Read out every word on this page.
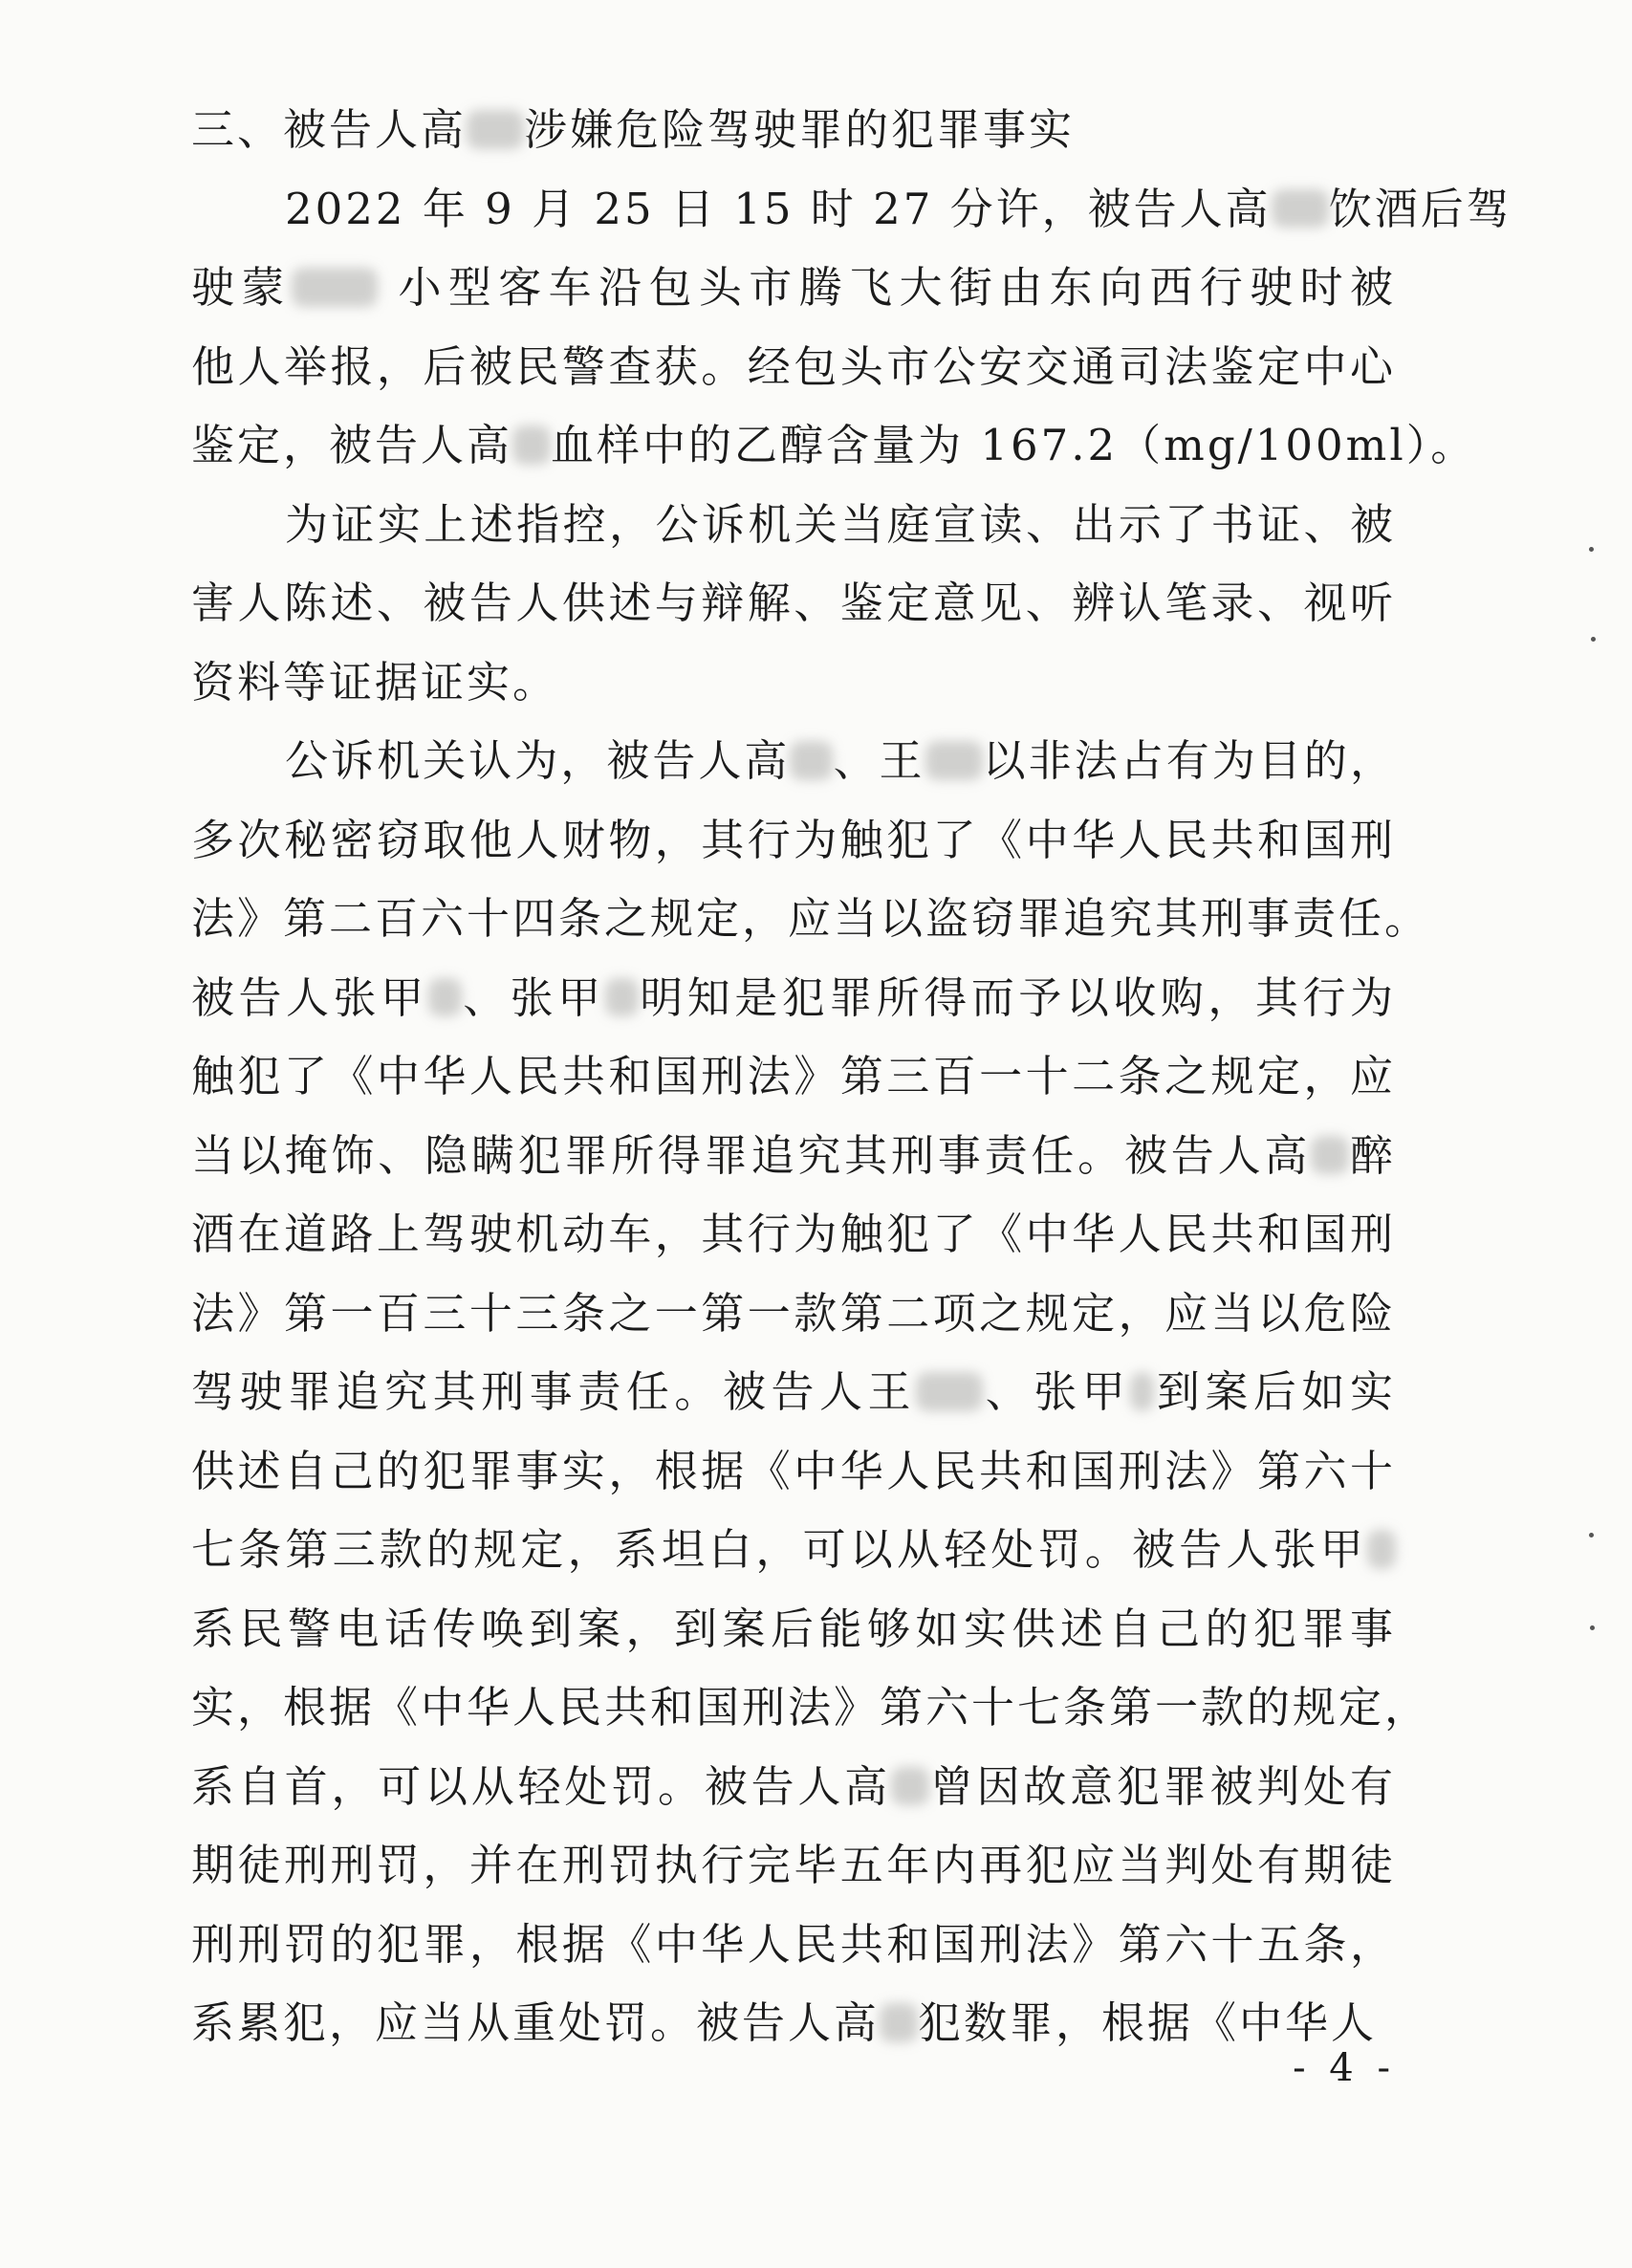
三、被告人高 涉嫌危险驾驶罪的犯罪事实
2022 年 9 月 25 日 15 时 27 分许，被告人高 饮酒后驾
驶蒙 小型客车沿包头市腾飞大街由东向西行驶时被
他人举报，后被民警查获。经包头市公安交通司法鉴定中心
鉴定，被告人高 血样中的乙醇含量为 167.2（mg/100ml）。
为证实上述指控，公诉机关当庭宣读、出示了书证、被
害人陈述、被告人供述与辩解、鉴定意见、辨认笔录、视听
资料等证据证实。
公诉机关认为，被告人高 、王 以非法占有为目的，
多次秘密窃取他人财物，其行为触犯了《中华人民共和国刑
法》第二百六十四条之规定，应当以盗窃罪追究其刑事责任。
被告人张甲 、张甲 明知是犯罪所得而予以收购，其行为
触犯了《中华人民共和国刑法》第三百一十二条之规定，应
当以掩饰、隐瞒犯罪所得罪追究其刑事责任。被告人高 醉
酒在道路上驾驶机动车，其行为触犯了《中华人民共和国刑
法》第一百三十三条之一第一款第二项之规定，应当以危险
驾驶罪追究其刑事责任。被告人王 、张甲 到案后如实
供述自己的犯罪事实，根据《中华人民共和国刑法》第六十
七条第三款的规定，系坦白，可以从轻处罚。被告人张甲
系民警电话传唤到案，到案后能够如实供述自己的犯罪事
实，根据《中华人民共和国刑法》第六十七条第一款的规定，
系自首，可以从轻处罚。被告人高 曾因故意犯罪被判处有
期徒刑刑罚，并在刑罚执行完毕五年内再犯应当判处有期徒
刑刑罚的犯罪，根据《中华人民共和国刑法》第六十五条，
系累犯，应当从重处罚。被告人高 犯数罪，根据《中华人
- 4 -
